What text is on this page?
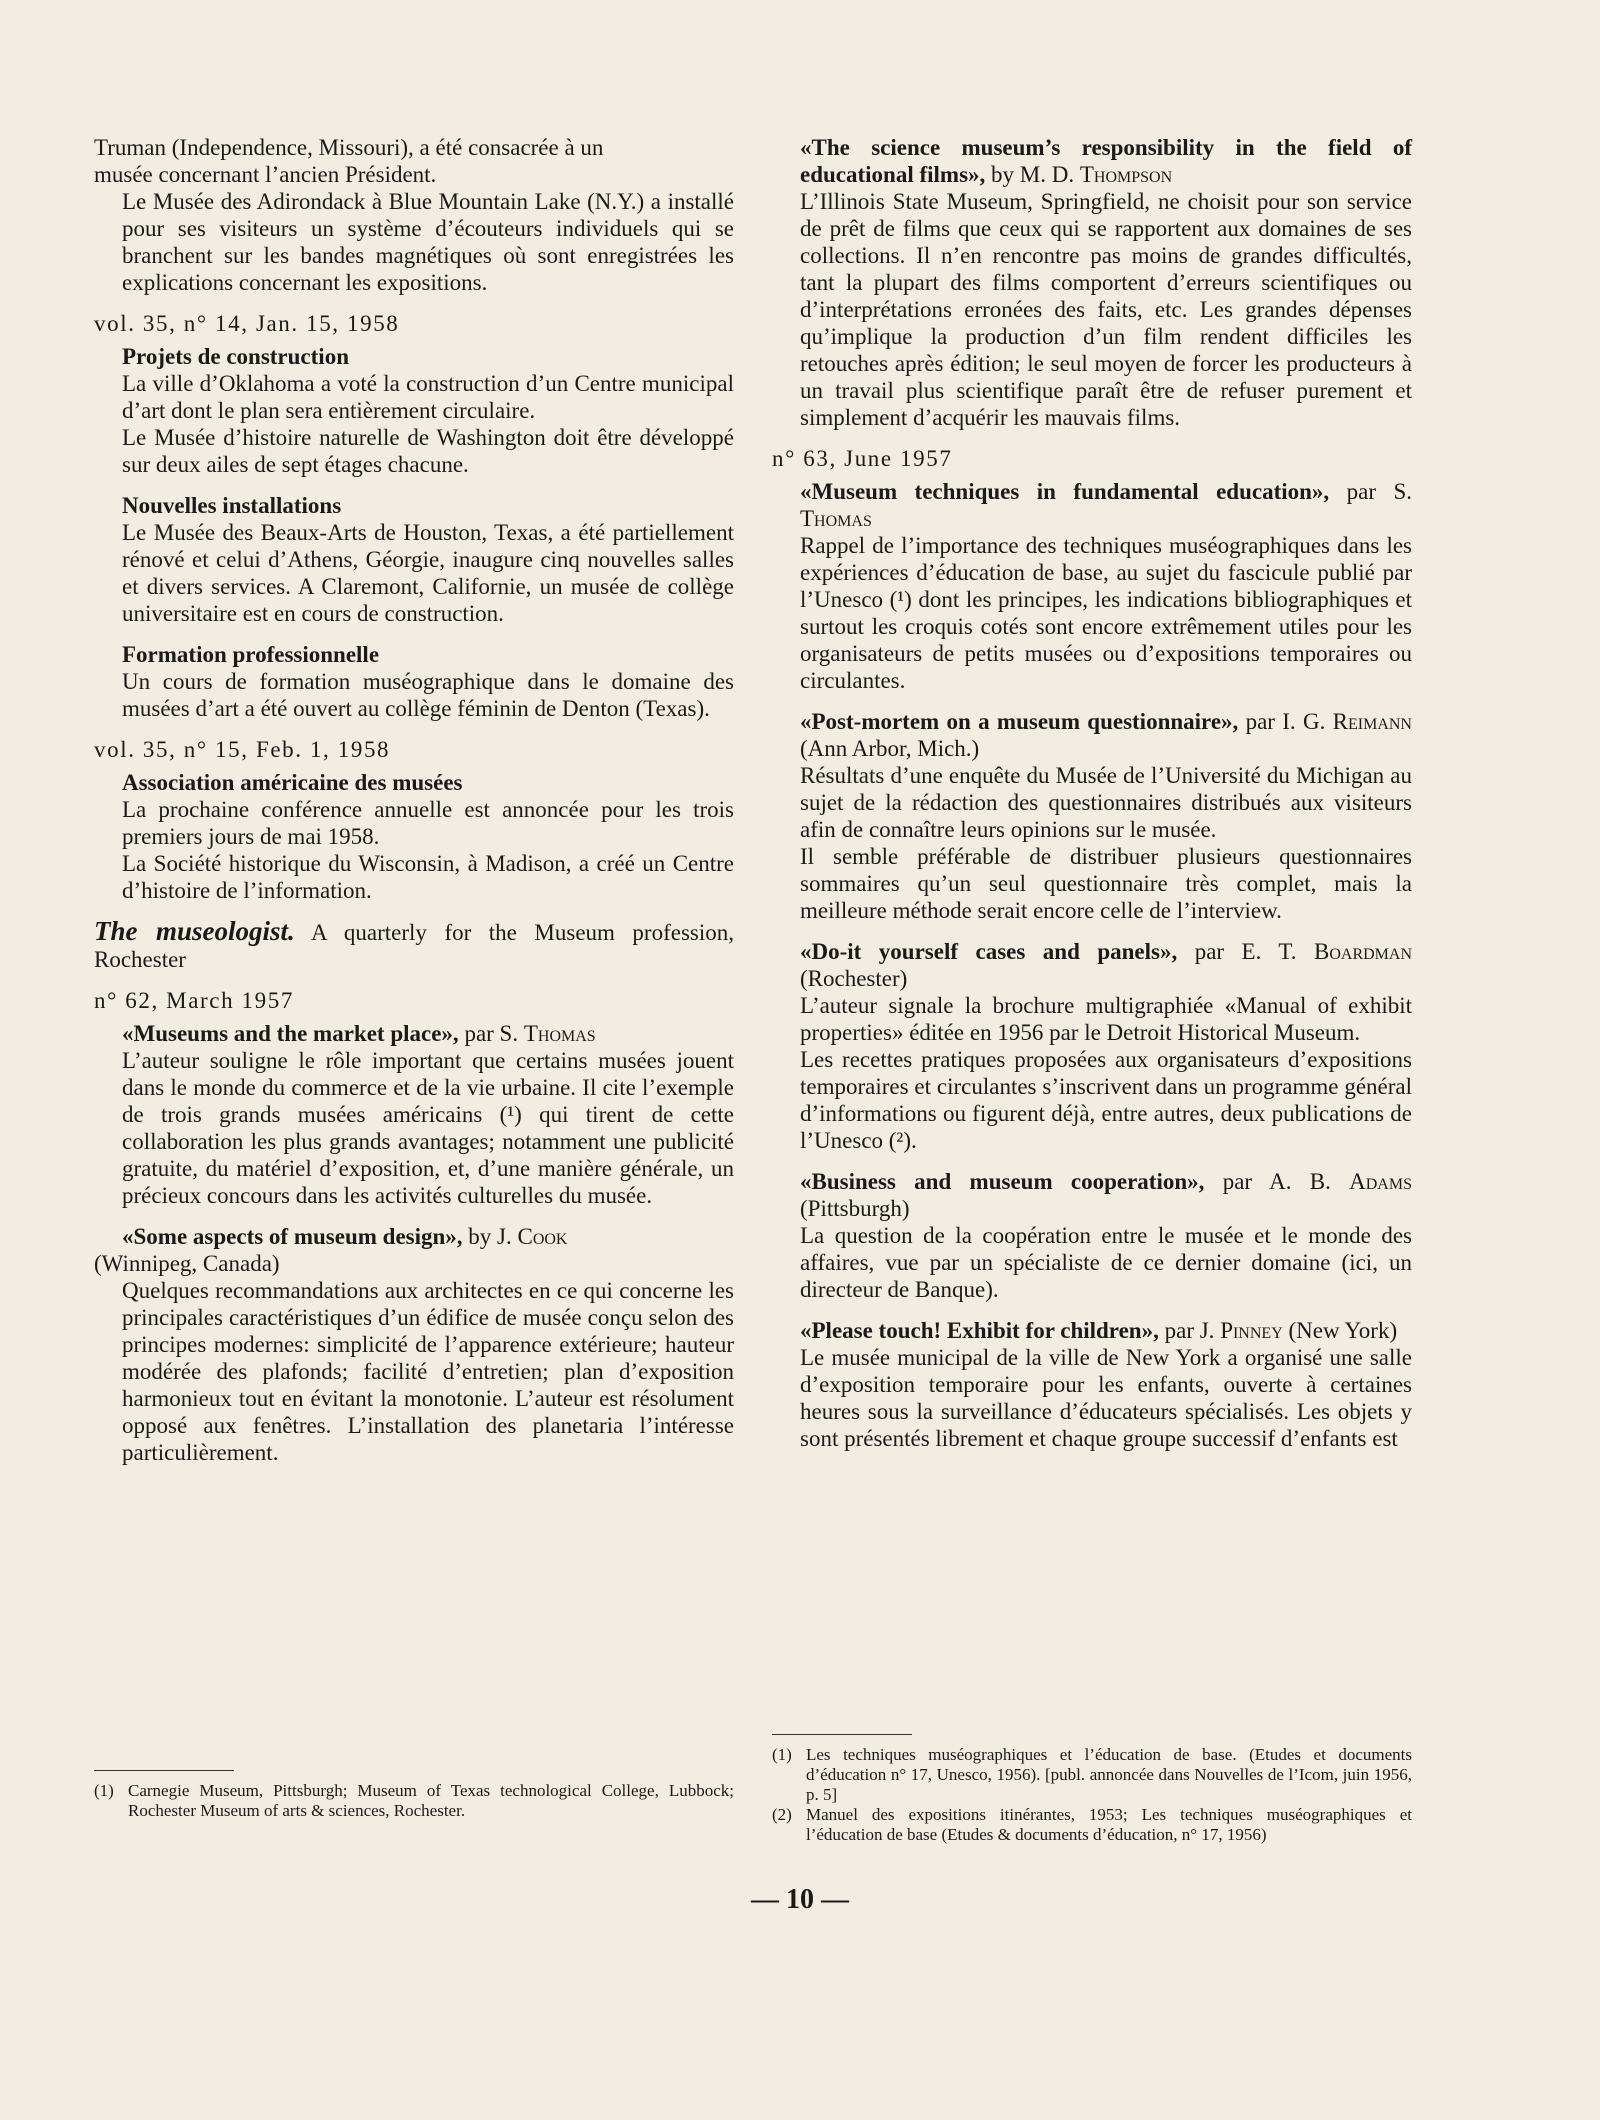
Truman (Independence, Missouri), a été consacrée à un

musée concernant l’ancien Président.

Le Musée des Adirondack à Blue Mountain Lake (N.Y.) a installé pour ses visiteurs un système d’écouteurs individuels qui se branchent sur les bandes magnétiques où sont enregistrées les explications concernant les expositions.

vol. 35, n° 14, Jan. 15, 1958

Projets de construction

La ville d’Oklahoma a voté la construction d’un Centre municipal d’art dont le plan sera entièrement circulaire.

Le Musée d’histoire naturelle de Washington doit être développé sur deux ailes de sept étages chacune.

Nouvelles installations

Le Musée des Beaux-Arts de Houston, Texas, a été partiellement rénové et celui d’Athens, Géorgie, inaugure cinq nouvelles salles et divers services. A Claremont, Californie, un musée de collège universitaire est en cours de construction.

Formation professionnelle

Un cours de formation muséographique dans le domaine des musées d’art a été ouvert au collège féminin de Denton (Texas).

vol. 35, n° 15, Feb. 1, 1958

Association américaine des musées

La prochaine conférence annuelle est annoncée pour les trois premiers jours de mai 1958.

La Société historique du Wisconsin, à Madison, a créé un Centre d’histoire de l’information.

The museologist. A quarterly for the Museum profession, Rochester

n° 62, March 1957

«Museums and the market place», par S. Thomas

L’auteur souligne le rôle important que certains musées jouent dans le monde du commerce et de la vie urbaine. Il cite l’exemple de trois grands musées américains (¹) qui tirent de cette collaboration les plus grands avantages; notamment une publicité gratuite, du matériel d’exposition, et, d’une manière générale, un précieux concours dans les activités culturelles du musée.

«Some aspects of museum design», by J. Cook

(Winnipeg, Canada)

Quelques recommandations aux architectes en ce qui concerne les principales caractéristiques d’un édifice de musée conçu selon des principes modernes: simplicité de l’apparence extérieure; hauteur modérée des plafonds; facilité d’entretien; plan d’exposition harmonieux tout en évitant la monotonie. L’auteur est résolument opposé aux fenêtres. L’installation des planetaria l’intéresse particulièrement.

(1) Carnegie Museum, Pittsburgh; Museum of Texas technological College, Lubbock; Rochester Museum of arts & sciences, Rochester.

«The science museum’s responsibility in the field of educational films», by M. D. Thompson

L’Illinois State Museum, Springfield, ne choisit pour son service de prêt de films que ceux qui se rapportent aux domaines de ses collections. Il n’en rencontre pas moins de grandes difficultés, tant la plupart des films comportent d’erreurs scientifiques ou d’interprétations erronées des faits, etc. Les grandes dépenses qu’implique la production d’un film rendent difficiles les retouches après édition; le seul moyen de forcer les producteurs à un travail plus scientifique paraît être de refuser purement et simplement d’acquérir les mauvais films.

n° 63, June 1957

«Museum techniques in fundamental education», par S. Thomas

Rappel de l’importance des techniques muséographiques dans les expériences d’éducation de base, au sujet du fascicule publié par l’Unesco (¹) dont les principes, les indications bibliographiques et surtout les croquis cotés sont encore extrêmement utiles pour les organisateurs de petits musées ou d’expositions temporaires ou circulantes.

«Post-mortem on a museum questionnaire», par I. G. Reimann (Ann Arbor, Mich.)

Résultats d’une enquête du Musée de l’Université du Michigan au sujet de la rédaction des questionnaires distribués aux visiteurs afin de connaître leurs opinions sur le musée.

Il semble préférable de distribuer plusieurs questionnaires sommaires qu’un seul questionnaire très complet, mais la meilleure méthode serait encore celle de l’interview.

«Do-it yourself cases and panels», par E. T. Boardman (Rochester)

L’auteur signale la brochure multigraphiée «Manual of exhibit properties» éditée en 1956 par le Detroit Historical Museum.

Les recettes pratiques proposées aux organisateurs d’expositions temporaires et circulantes s’inscrivent dans un programme général d’informations ou figurent déjà, entre autres, deux publications de l’Unesco (²).

«Business and museum cooperation», par A. B. Adams (Pittsburgh)

La question de la coopération entre le musée et le monde des affaires, vue par un spécialiste de ce dernier domaine (ici, un directeur de Banque).

«Please touch! Exhibit for children», par J. Pinney (New York)

Le musée municipal de la ville de New York a organisé une salle d’exposition temporaire pour les enfants, ouverte à certaines heures sous la surveillance d’éducateurs spécialisés. Les objets y sont présentés librement et chaque groupe successif d’enfants est

(1) Les techniques muséographiques et l’éducation de base. (Etudes et documents d’éducation n° 17, Unesco, 1956). [publ. annoncée dans Nouvelles de l’Icom, juin 1956, p. 5]
(2) Manuel des expositions itinérantes, 1953; Les techniques muséographiques et l’éducation de base (Etudes & documents d’éducation, n° 17, 1956)
— 10 —
